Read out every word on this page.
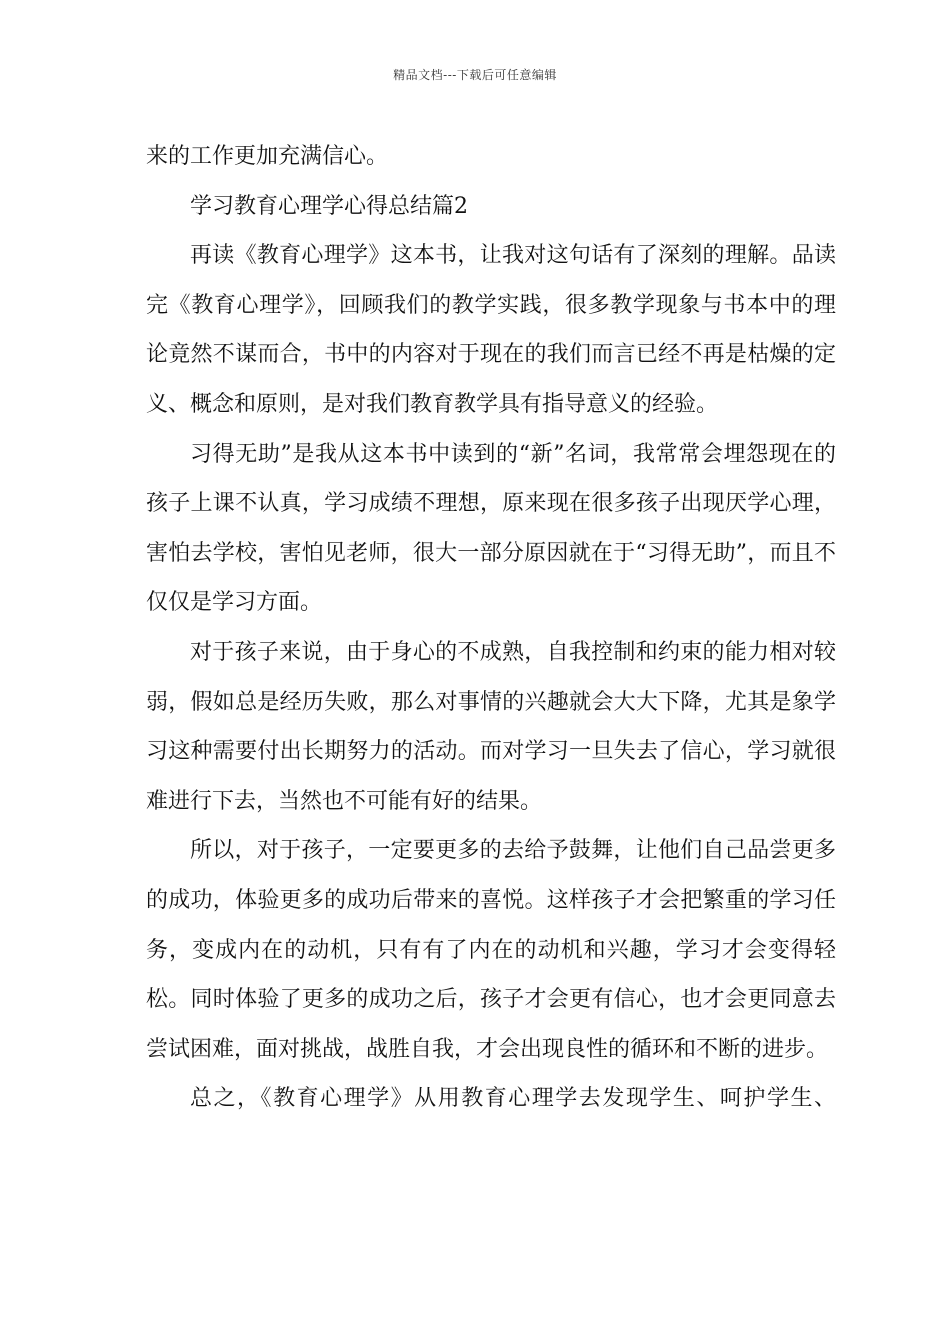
精品文档---下载后可任意编辑

来的工作更加充满信心。

学习教育心理学心得总结篇2

再读《教育心理学》这本书，让我对这句话有了深刻的理解。品读完《教育心理学》，回顾我们的教学实践，很多教学现象与书本中的理论竟然不谋而合，书中的内容对于现在的我们而言已经不再是枯燥的定义、概念和原则，是对我们教育教学具有指导意义的经验。

习得无助”是我从这本书中读到的“新”名词，我常常会埋怨现在的孩子上课不认真，学习成绩不理想，原来现在很多孩子出现厌学心理，害怕去学校，害怕见老师，很大一部分原因就在于“习得无助”，而且不仅仅是学习方面。

对于孩子来说，由于身心的不成熟，自我控制和约束的能力相对较弱，假如总是经历失败，那么对事情的兴趣就会大大下降，尤其是象学习这种需要付出长期努力的活动。而对学习一旦失去了信心，学习就很难进行下去，当然也不可能有好的结果。

所以，对于孩子，一定要更多的去给予鼓舞，让他们自己品尝更多的成功，体验更多的成功后带来的喜悦。这样孩子才会把繁重的学习任务，变成内在的动机，只有有了内在的动机和兴趣，学习才会变得轻松。同时体验了更多的成功之后，孩子才会更有信心，也才会更同意去尝试困难，面对挑战，战胜自我，才会出现良性的循环和不断的进步。

总之，《教育心理学》从用教育心理学去发现学生、呵护学生、
